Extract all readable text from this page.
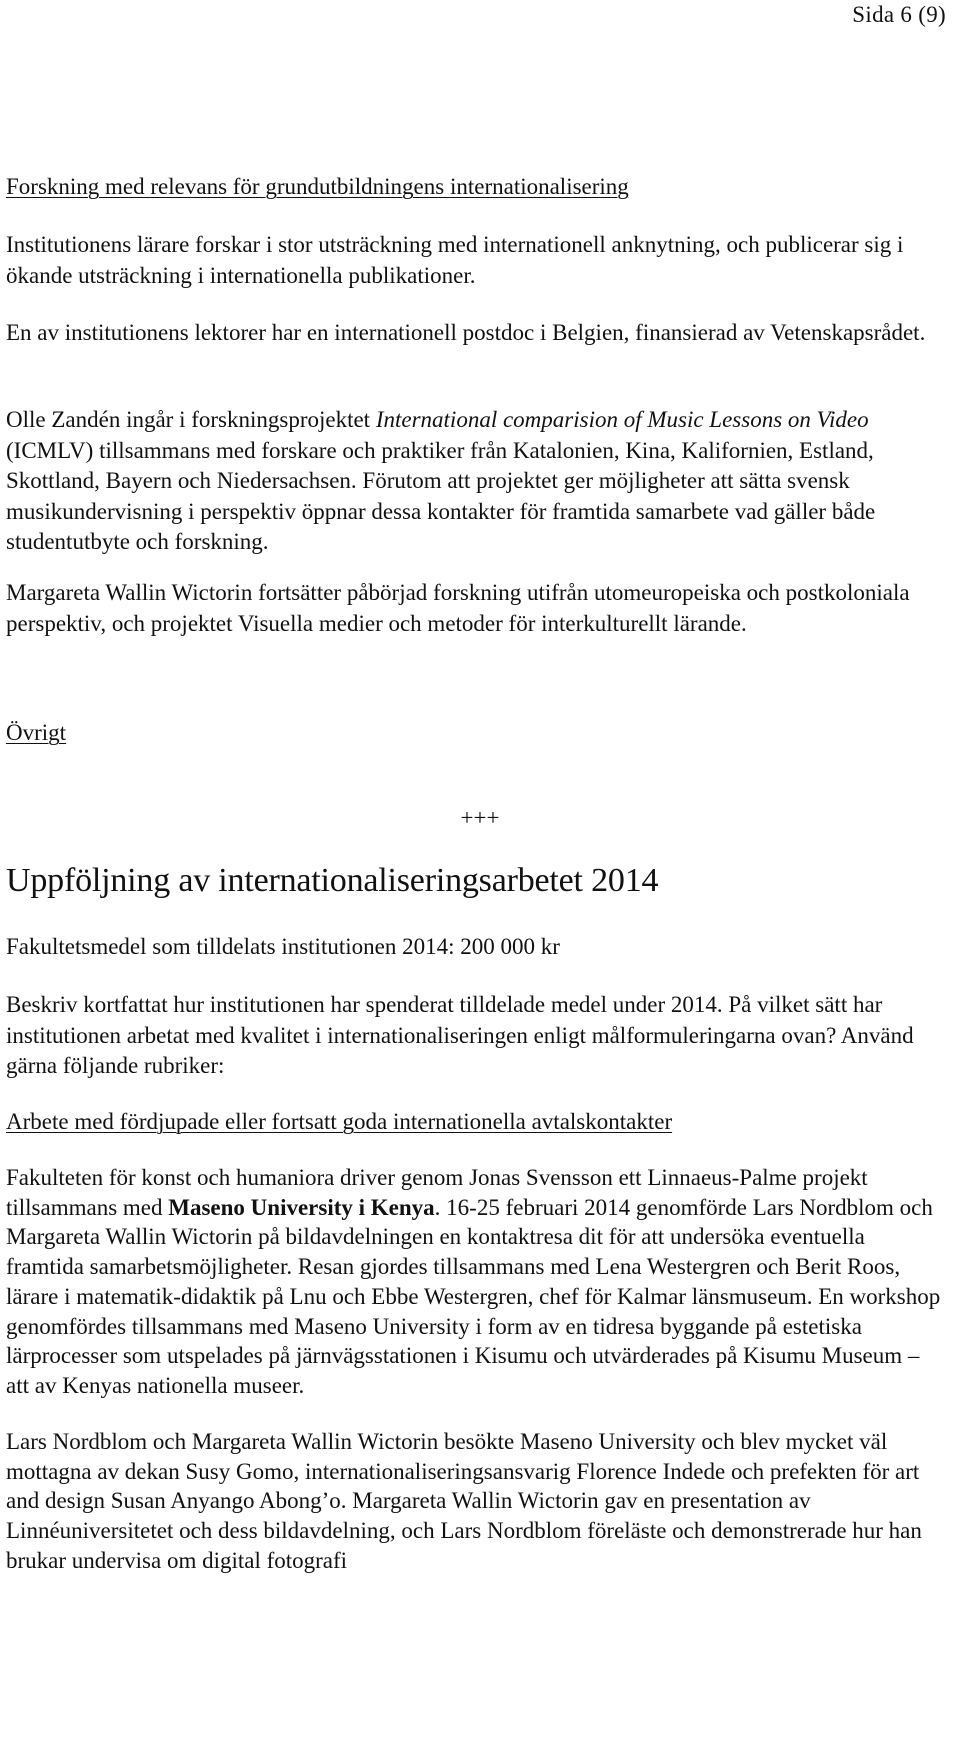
Sida 6 (9)
Forskning med relevans för grundutbildningens internationalisering
Institutionens lärare forskar i stor utsträckning med internationell anknytning, och publicerar sig i ökande utsträckning i internationella publikationer.
En av institutionens lektorer har en internationell postdoc i Belgien, finansierad av Vetenskapsrådet.
Olle Zandén ingår i forskningsprojektet International comparision of Music Lessons on Video (ICMLV) tillsammans med forskare och praktiker från Katalonien, Kina, Kalifornien, Estland, Skottland, Bayern och Niedersachsen. Förutom att projektet ger möjligheter att sätta svensk musikundervisning i perspektiv öppnar dessa kontakter för framtida samarbete vad gäller både studentutbyte och forskning.
Margareta Wallin Wictorin fortsätter påbörjad forskning utifrån utomeuropeiska och postkoloniala perspektiv, och projektet Visuella medier och metoder för interkulturellt lärande.
Övrigt
+++
Uppföljning av internationaliseringsarbetet 2014
Fakultetsmedel som tilldelats institutionen 2014: 200 000 kr
Beskriv kortfattat hur institutionen har spenderat tilldelade medel under 2014. På vilket sätt har institutionen arbetat med kvalitet i internationaliseringen enligt målformuleringarna ovan? Använd gärna följande rubriker:
Arbete med fördjupade eller fortsatt goda internationella avtalskontakter
Fakulteten för konst och humaniora driver genom Jonas Svensson ett Linnaeus-Palme projekt tillsammans med Maseno University i Kenya. 16-25 februari 2014 genomförde Lars Nordblom och Margareta Wallin Wictorin på bildavdelningen en kontaktresa dit för att undersöka eventuella framtida samarbetsmöjligheter. Resan gjordes tillsammans med Lena Westergren och Berit Roos, lärare i matematik-didaktik på Lnu och Ebbe Westergren, chef för Kalmar länsmuseum. En workshop genomfördes tillsammans med Maseno University i form av en tidresa byggande på estetiska lärprocesser som utspelades på järnvägsstationen i Kisumu och utvärderades på Kisumu Museum – att av Kenyas nationella museer.
Lars Nordblom och Margareta Wallin Wictorin besökte Maseno University och blev mycket väl mottagna av dekan Susy Gomo, internationaliseringsansvarig Florence Indede och prefekten för art and design Susan Anyango Abong’o. Margareta Wallin Wictorin gav en presentation av Linnéuniversitetet och dess bildavdelning, och Lars Nordblom föreläste och demonstrerade hur han brukar undervisa om digital fotografi
